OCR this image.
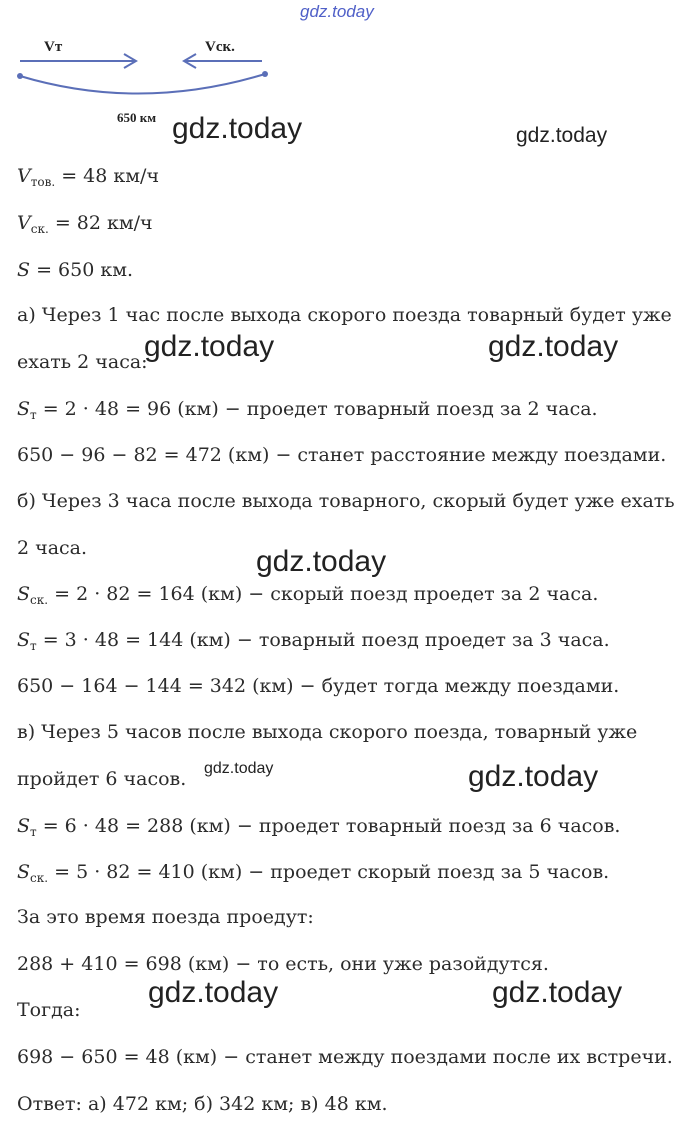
gdz.today
gdz.today	gdz.today
gdz.today	gdz.today
gdz.today
gdz.today	gdz.today
gdz.today	gdz.today
Vт	Vск.
650 км
$V_{тов.} = 48$ км/ч
$V_{ск.} = 82$ км/ч
S = 650 км.
а) Через 1 час после выхода скорого поезда товарный будет уже
ехать 2 часа:
$S_т = 2 \cdot 48 = 96$ (км) − проедет товарный поезд за 2 часа.
650 − 96 − 82 = 472 (км) − станет расстояние между поездами.
б) Через 3 часа после выхода товарного, скорый будет уже ехать
2 часа.
$S_{ск.} = 2 \cdot 82 = 164$ (км) − скорый поезд проедет за 2 часа.
$S_т = 3 \cdot 48 = 144$ (км) − товарный поезд проедет за 3 часа.
650 − 164 − 144 = 342 (км) − будет тогда между поездами.
в) Через 5 часов после выхода скорого поезда, товарный уже
пройдет 6 часов.
$S_т = 6 \cdot 48 = 288$ (км) − проедет товарный поезд за 6 часов.
$S_{ск.} = 5 \cdot 82 = 410$ (км) − проедет скорый поезд за 5 часов.
За это время поезда проедут:
288 + 410 = 698 (км) − то есть, они уже разойдутся.
Тогда:
698 − 650 = 48 (км) − станет между поездами после их встречи.
Ответ: а) 472 км; б) 342 км; в) 48 км.
